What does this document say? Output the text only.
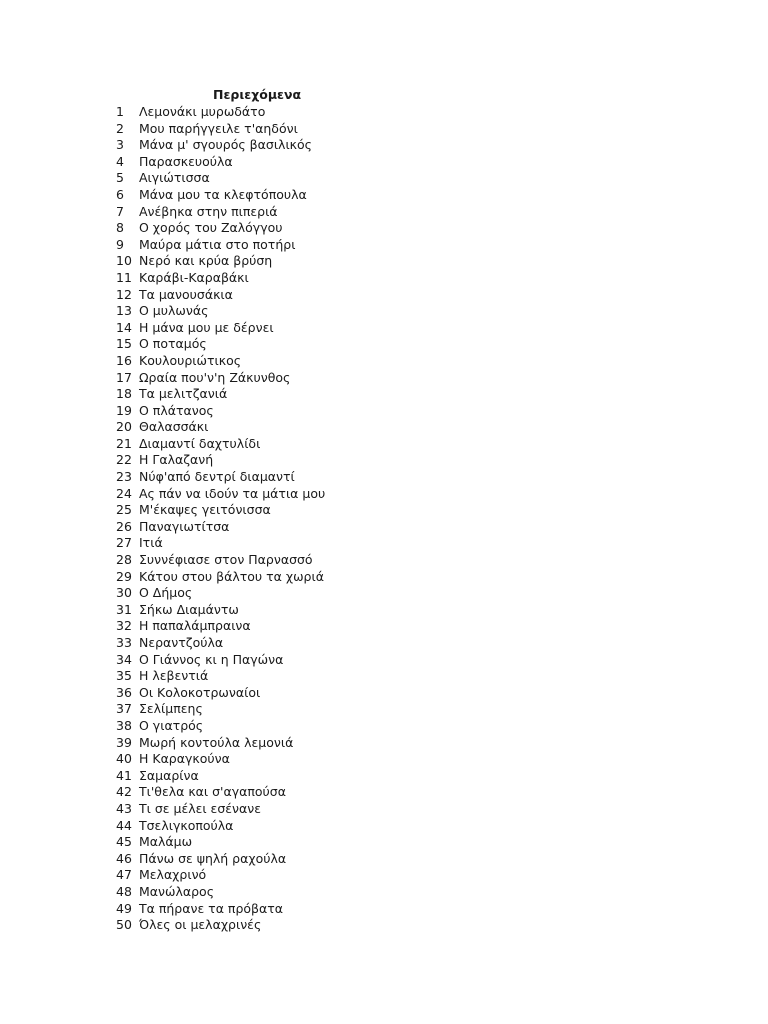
Περιεχόμενα
1	Λεμονάκι μυρωδάτο
2	Μου παρήγγειλε τ'αηδόνι
3	Μάνα μ' σγουρός βασιλικός
4	Παρασκευούλα
5	Αιγιώτισσα
6	Μάνα μου τα κλεφτόπουλα
7	Ανέβηκα στην πιπεριά
8	Ο χορός του Ζαλόγγου
9	Μαύρα μάτια στο ποτήρι
10 Νερό και κρύα βρύση
11 Καράβι-Καραβάκι
12 Τα μανουσάκια
13 Ο μυλωνάς
14 Η μάνα μου με δέρνει
15 Ο ποταμός
16 Κουλουριώτικος
17 Ωραία που'ν'η Ζάκυνθος
18 Τα μελιτζανιά
19 Ο πλάτανος
20 Θαλασσάκι
21 Διαμαντί δαχτυλίδι
22 Η Γαλαζανή
23 Νύφ'από δεντρί διαμαντί
24 Ας πάν να ιδούν τα μάτια μου
25 Μ'έκαψες γειτόνισσα
26 Παναγιωτίτσα
27 Ιτιά
28 Συννέφιασε στον Παρνασσό
29 Κάτου στου βάλτου τα χωριά
30 Ο Δήμος
31 Σήκω Διαμάντω
32 Η παπαλάμπραινα
33 Νεραντζούλα
34 Ο Γιάννος κι η Παγώνα
35 Η λεβεντιά
36 Οι Κολοκοτρωναίοι
37 Σελίμπεης
38 Ο γιατρός
39 Μωρή κοντούλα λεμονιά
40 Η Καραγκούνα
41 Σαμαρίνα
42 Τι'θελα και σ'αγαπούσα
43 Τι σε μέλει εσένανε
44 Τσελιγκοπούλα
45 Μαλάμω
46 Πάνω σε ψηλή ραχούλα
47 Μελαχρινό
48 Μανώλαρος
49 Τα πήρανε τα πρόβατα
50 Όλες οι μελαχρινές
